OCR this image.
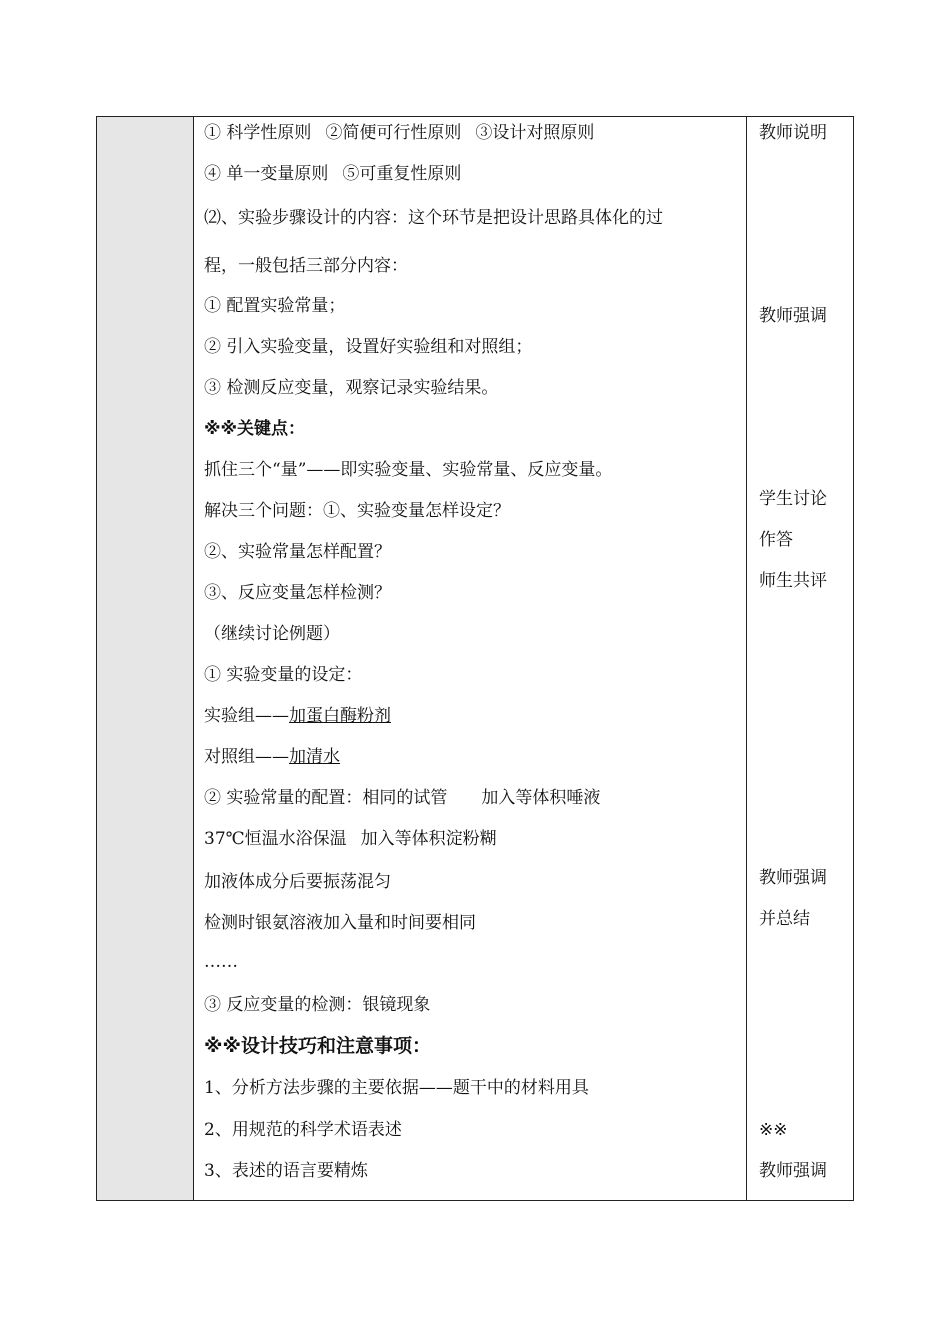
① 科学性原则 ②简便可行性原则 ③设计对照原则
④ 单一变量原则 ⑤可重复性原则
⑵、实验步骤设计的内容：这个环节是把设计思路具体化的过
程，一般包括三部分内容：
① 配置实验常量；
② 引入实验变量，设置好实验组和对照组；
③ 检测反应变量，观察记录实验结果。
※※关键点：
抓住三个“量”——即实验变量、实验常量、反应变量。
解决三个问题：①、实验变量怎样设定？
②、实验常量怎样配置？
③、反应变量怎样检测？
（继续讨论例题）
① 实验变量的设定：
实验组——加蛋白酶粉剂
对照组——加清水
② 实验常量的配置：相同的试管 加入等体积唾液
37℃恒温水浴保温 加入等体积淀粉糊
加液体成分后要振荡混匀
检测时银氨溶液加入量和时间要相同
……
③ 反应变量的检测：银镜现象
※※设计技巧和注意事项：
1、分析方法步骤的主要依据——题干中的材料用具
2、用规范的科学术语表述
3、表述的语言要精炼
教师说明
教师强调
学生讨论
作答
师生共评
教师强调
并总结
※※
教师强调
